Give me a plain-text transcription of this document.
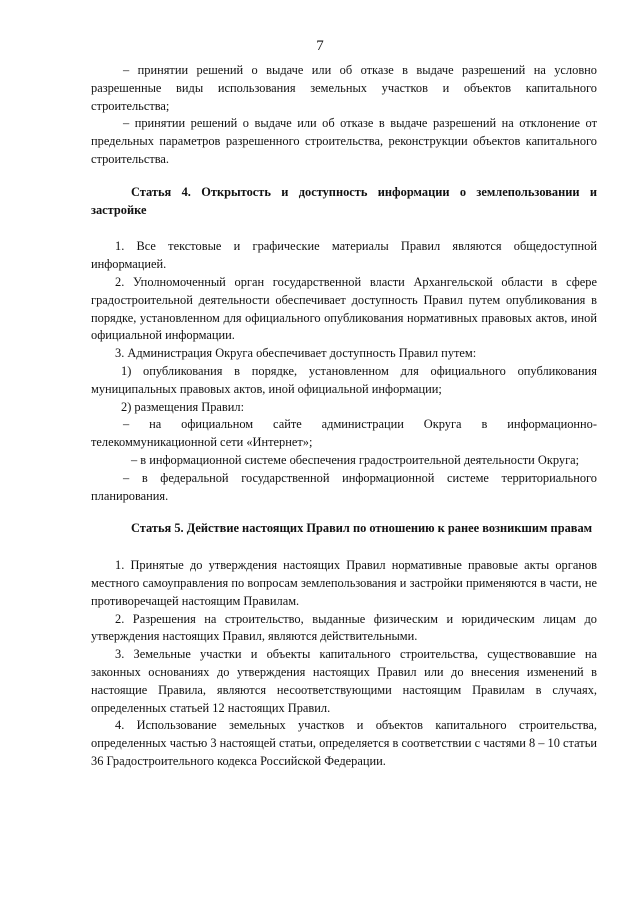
7

– принятии решений о выдаче или об отказе в выдаче разрешений на условно разрешенные виды использования земельных участков и объектов капитального строительства;

– принятии решений о выдаче или об отказе в выдаче разрешений на отклонение от предельных параметров разрешенного строительства, реконструкции объектов капитального строительства.

Статья 4. Открытость и доступность информации о землепользовании и застройке

1. Все текстовые и графические материалы Правил являются общедоступной информацией.

2. Уполномоченный орган государственной власти Архангельской области в сфере градостроительной деятельности обеспечивает доступность Правил путем опубликования в порядке, установленном для официального опубликования нормативных правовых актов, иной официальной информации.

3. Администрация Округа обеспечивает доступность Правил путем:

1) опубликования в порядке, установленном для официального опубликования муниципальных правовых актов, иной официальной информации;

2) размещения Правил:

– на официальном сайте администрации Округа в информационно-телекоммуникационной сети «Интернет»;

– в информационной системе обеспечения градостроительной деятельности Округа;

– в федеральной государственной информационной системе территориального планирования.

Статья 5. Действие настоящих Правил по отношению к ранее возникшим правам

1. Принятые до утверждения настоящих Правил нормативные правовые акты органов местного самоуправления по вопросам землепользования и застройки применяются в части, не противоречащей настоящим Правилам.

2. Разрешения на строительство, выданные физическим и юридическим лицам до утверждения настоящих Правил, являются действительными.

3. Земельные участки и объекты капитального строительства, существовавшие на законных основаниях до утверждения настоящих Правил или до внесения изменений в настоящие Правила, являются несоответствующими настоящим Правилам в случаях, определенных статьей 12 настоящих Правил.

4. Использование земельных участков и объектов капитального строительства, определенных частью 3 настоящей статьи, определяется в соответствии с частями 8 – 10 статьи 36 Градостроительного кодекса Российской Федерации.
